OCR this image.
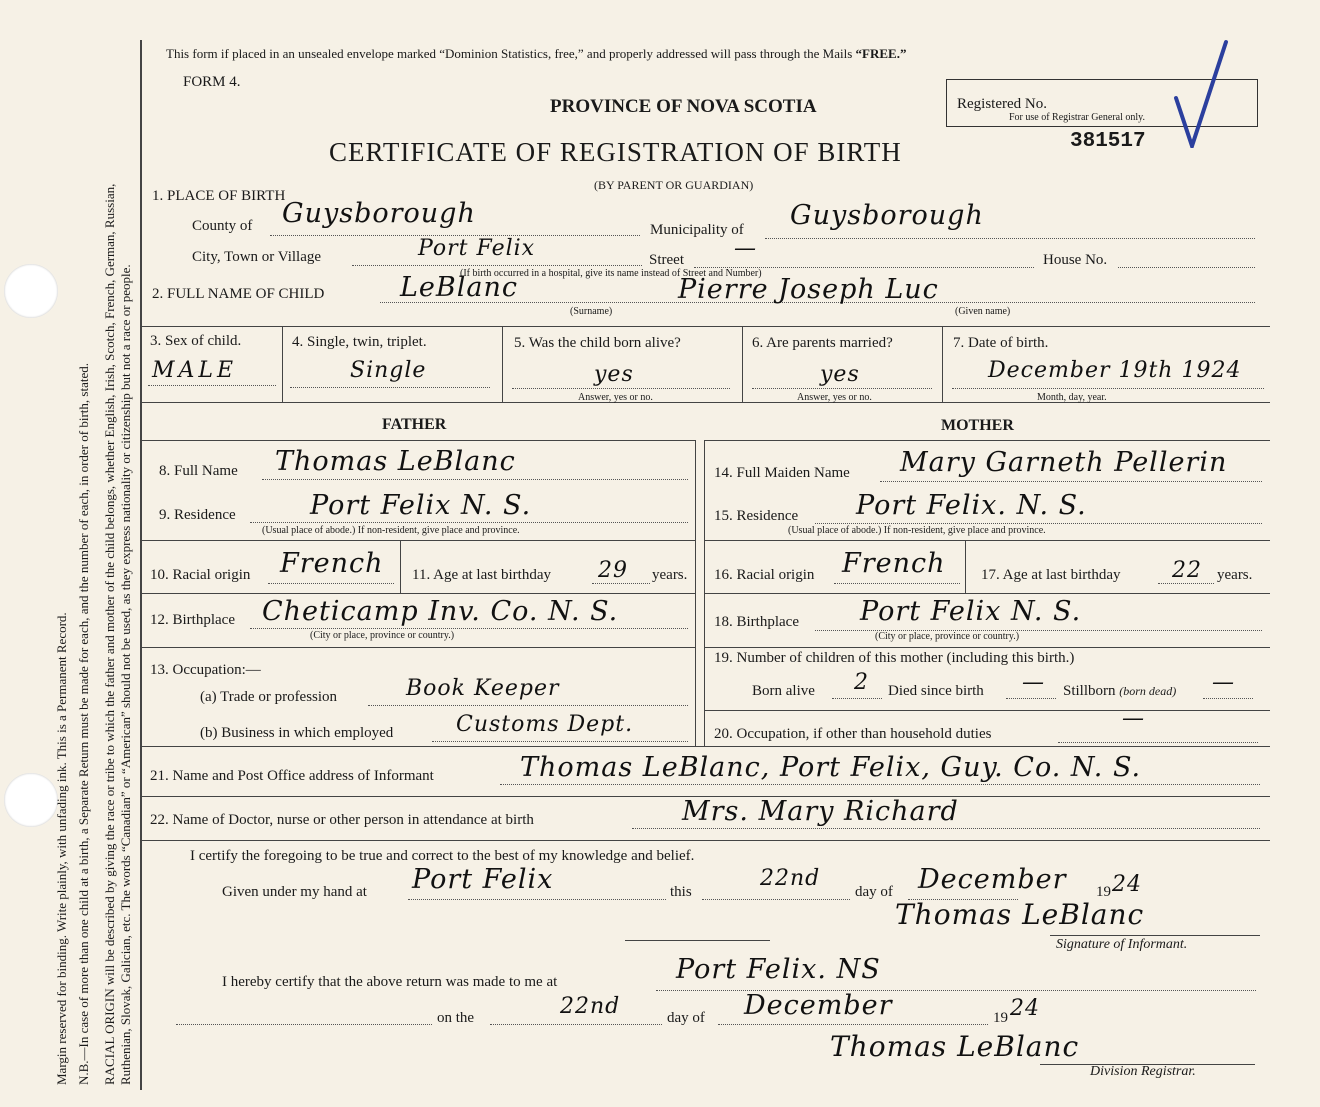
Margin reserved for binding. Write plainly, with unfading ink. This is a Permanent Record. N.B.—In case of more than one child at a birth, a Separate Return must be made for each, and the number of each, in order of birth, stated. RACIAL ORIGIN will be described by giving the race or tribe to which the father and mother of the child belongs, whether English, Irish, Scotch, French, German, Russian, Ruthenian, Slovak, Galician, etc. The words “Canadian” or “American” should not be used, as they express nationality or citizenship but not a race or people.
This form if placed in an unsealed envelope marked “Dominion Statistics, free,” and properly addressed will pass through the Mails “FREE.”
FORM 4.
PROVINCE OF NOVA SCOTIA
CERTIFICATE OF REGISTRATION OF BIRTH
(BY PARENT OR GUARDIAN)
Registered No.
For use of Registrar General only.
381517
1. PLACE OF BIRTH
County of Guysborough
Municipality of Guysborough
City, Town or Village	Port Felix	Street —
(If birth occurred in a hospital, give its name instead of Street and Number)
House No.
2. FULL NAME OF CHILD	LeBlanc	Pierre Joseph Luc
(Surname)	(Given name)
3. Sex of child.
MALE
4. Single, twin, triplet.
Single
5. Was the child born alive?
yes
Answer, yes or no.
6. Are parents married?
yes
Answer, yes or no.
7. Date of birth.
December 19th 1924
Month, day, year.
FATHER
8. Full Name Thomas LeBlanc
9. Residence	Port Felix N. S.
(Usual place of abode.) If non-resident, give place and province.
10. Racial origin French 11. Age at last birthday 29 years.
12. Birthplace Cheticamp Inv. Co. N. S.
(City or place, province or country.)
13. Occupation:—
(a) Trade or profession	Book Keeper
(b) Business in which employed	Customs Dept.
MOTHER
14. Full Maiden Name Mary Garneth Pellerin
15. Residence Port Felix. N. S.
(Usual place of abode.) If non-resident, give place and province.
16. Racial origin French 17. Age at last birthday 22 years.
18. Birthplace Port Felix N. S.
(City or place, province or country.)
19. Number of children of this mother (including this birth.)
Born alive 2 Died since birth — Stillborn (born dead) —
20. Occupation, if other than household duties
—
21. Name and Post Office address of Informant	Thomas LeBlanc, Port Felix, Guy. Co. N. S.
22. Name of Doctor, nurse or other person in attendance at birth	Mrs. Mary Richard
I certify the foregoing to be true and correct to the best of my knowledge and belief.
Given under my hand at Port Felix	this
22nd
day of December 19 24
Thomas LeBlanc
Signature of Informant.
I hereby certify that the above return was made to me at	Port Felix. NS
on the	22nd	day of December	19 24
Thomas LeBlanc
Division Registrar.
